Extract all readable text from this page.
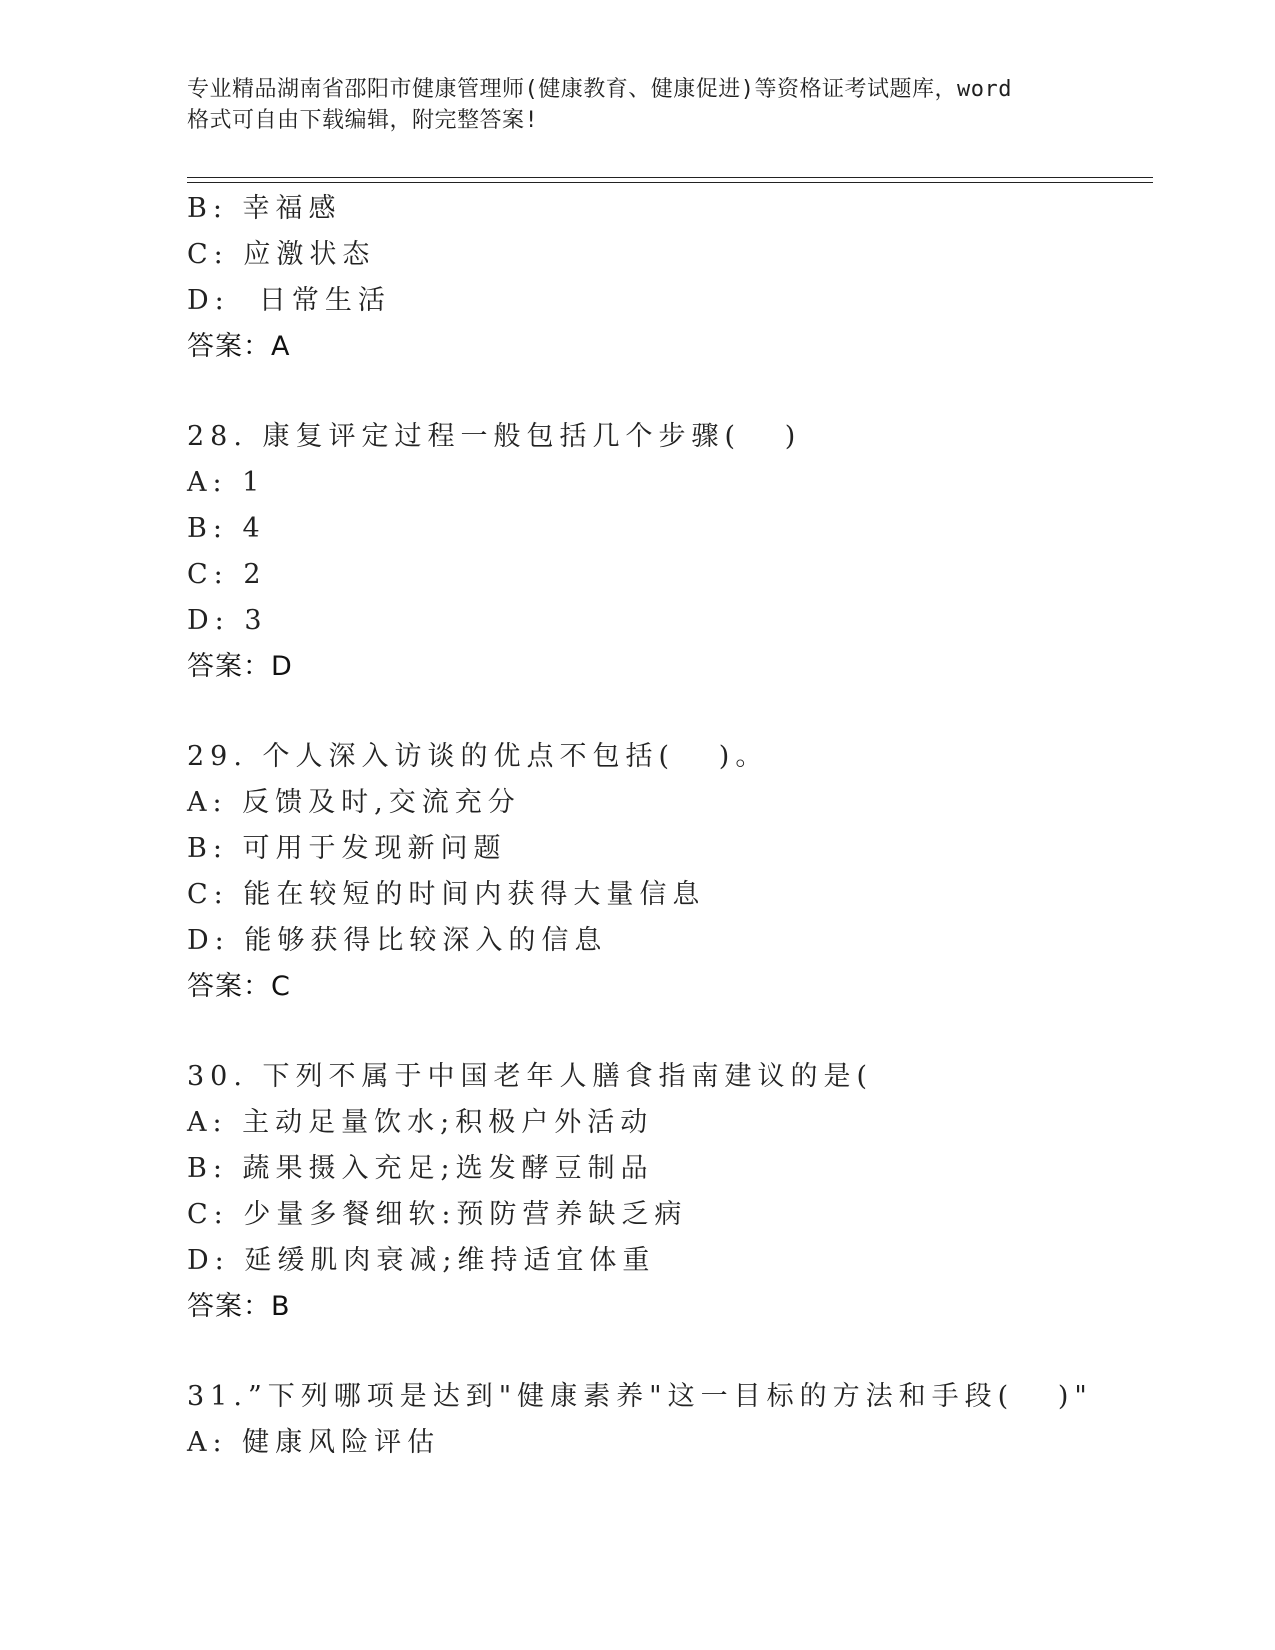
专业精品湖南省邵阳市健康管理师(健康教育、健康促进)等资格证考试题库，word
格式可自由下载编辑，附完整答案!
B: 幸福感
C: 应激状态
D:  日常生活
答案：A
28. 康复评定过程一般包括几个步骤(   )
A: 1
B: 4
C: 2
D: 3
答案：D
29. 个人深入访谈的优点不包括(   )。
A: 反馈及时,交流充分
B: 可用于发现新问题
C: 能在较短的时间内获得大量信息
D: 能够获得比较深入的信息
答案：C
30. 下列不属于中国老年人膳食指南建议的是(
A: 主动足量饮水;积极户外活动
B: 蔬果摄入充足;选发酵豆制品
C: 少量多餐细软:预防营养缺乏病
D: 延缓肌肉衰减;维持适宜体重
答案：B
31.”下列哪项是达到"健康素养"这一目标的方法和手段(   )"
A: 健康风险评估
